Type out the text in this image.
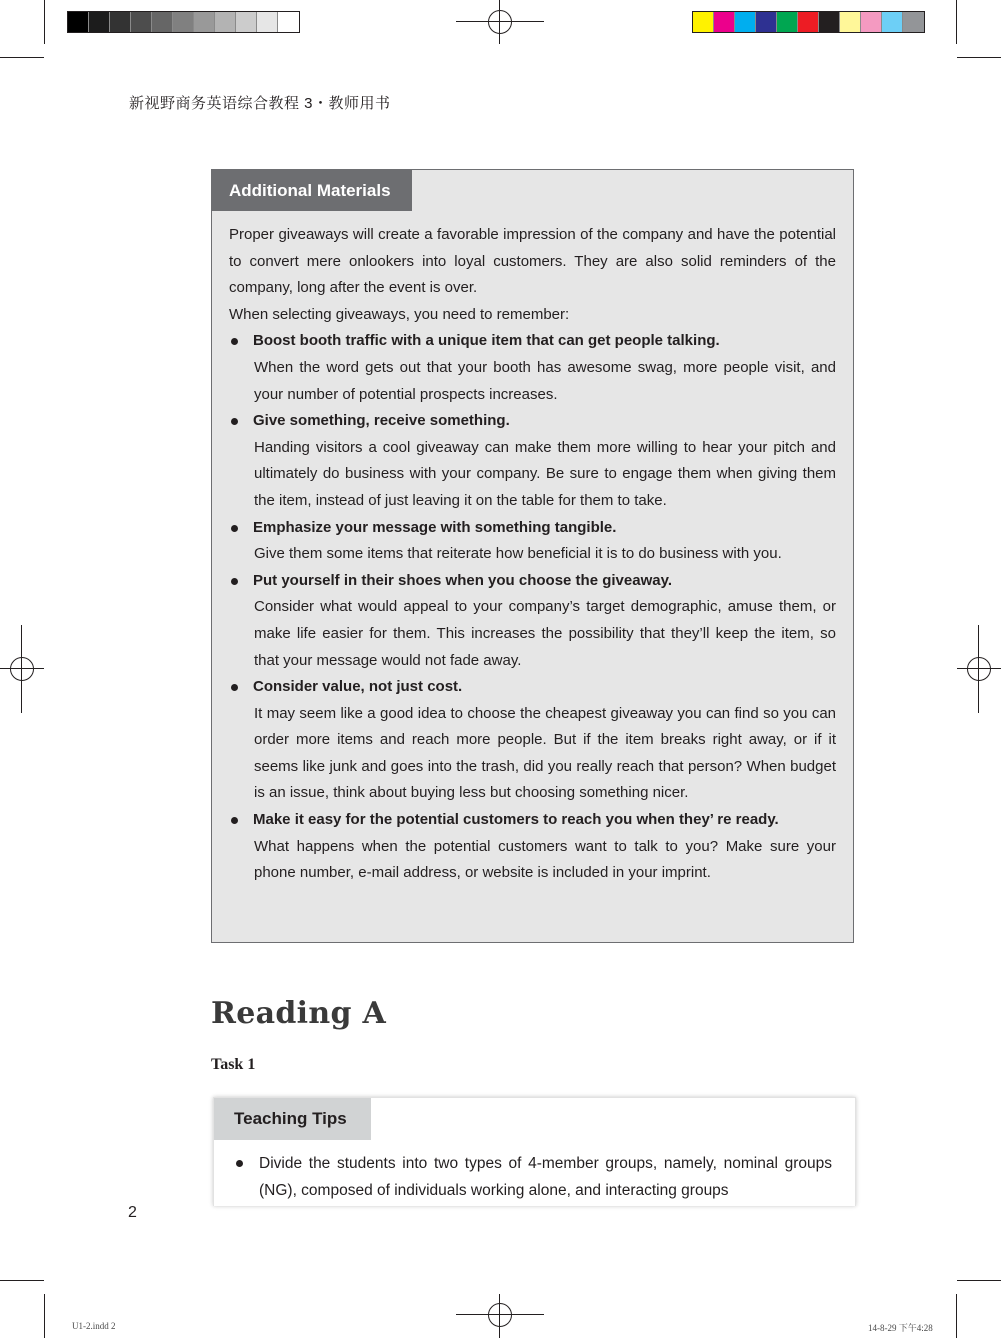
新视野商务英语综合教程 3・教师用书
Additional Materials

Proper giveaways will create a favorable impression of the company and have the potential to convert mere onlookers into loyal customers. They are also solid reminders of the company, long after the event is over.

When selecting giveaways, you need to remember:

Boost booth traffic with a unique item that can get people talking.

When the word gets out that your booth has awesome swag, more people visit, and your number of potential prospects increases.

Give something, receive something.

Handing visitors a cool giveaway can make them more willing to hear your pitch and ultimately do business with your company. Be sure to engage them when giving them the item, instead of just leaving it on the table for them to take.

Emphasize your message with something tangible.

Give them some items that reiterate how beneficial it is to do business with you.

Put yourself in their shoes when you choose the giveaway.

Consider what would appeal to your company’s target demographic, amuse them, or make life easier for them. This increases the possibility that they’ll keep the item, so that your message would not fade away.

Consider value, not just cost.

It may seem like a good idea to choose the cheapest giveaway you can find so you can order more items and reach more people. But if the item breaks right away, or if it seems like junk and goes into the trash, did you really reach that person? When budget is an issue, think about buying less but choosing something nicer.

Make it easy for the potential customers to reach you when they’ re ready.

What happens when the potential customers want to talk to you? Make sure your phone number, e-mail address, or website is included in your imprint.

Reading A
Task 1
Teaching Tips

Divide the students into two types of 4-member groups, namely, nominal groups (NG), composed of individuals working alone, and interacting groups

2
U1-2.indd 2	14-8-29 下午4:28
